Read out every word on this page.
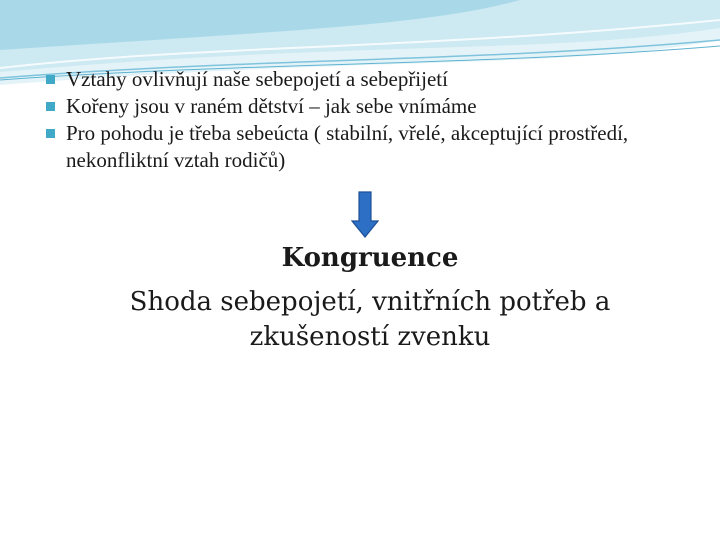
Vztahy ovlivňují naše sebepojetí a sebepřijetí
Kořeny jsou v raném dětství – jak sebe vnímáme
Pro pohodu je třeba sebeúcta ( stabilní, vřelé, akceptující prostředí, nekonfliktní vztah rodičů)
Kongruence
Shoda sebepojetí, vnitřních potřeb a zkušeností zvenku
